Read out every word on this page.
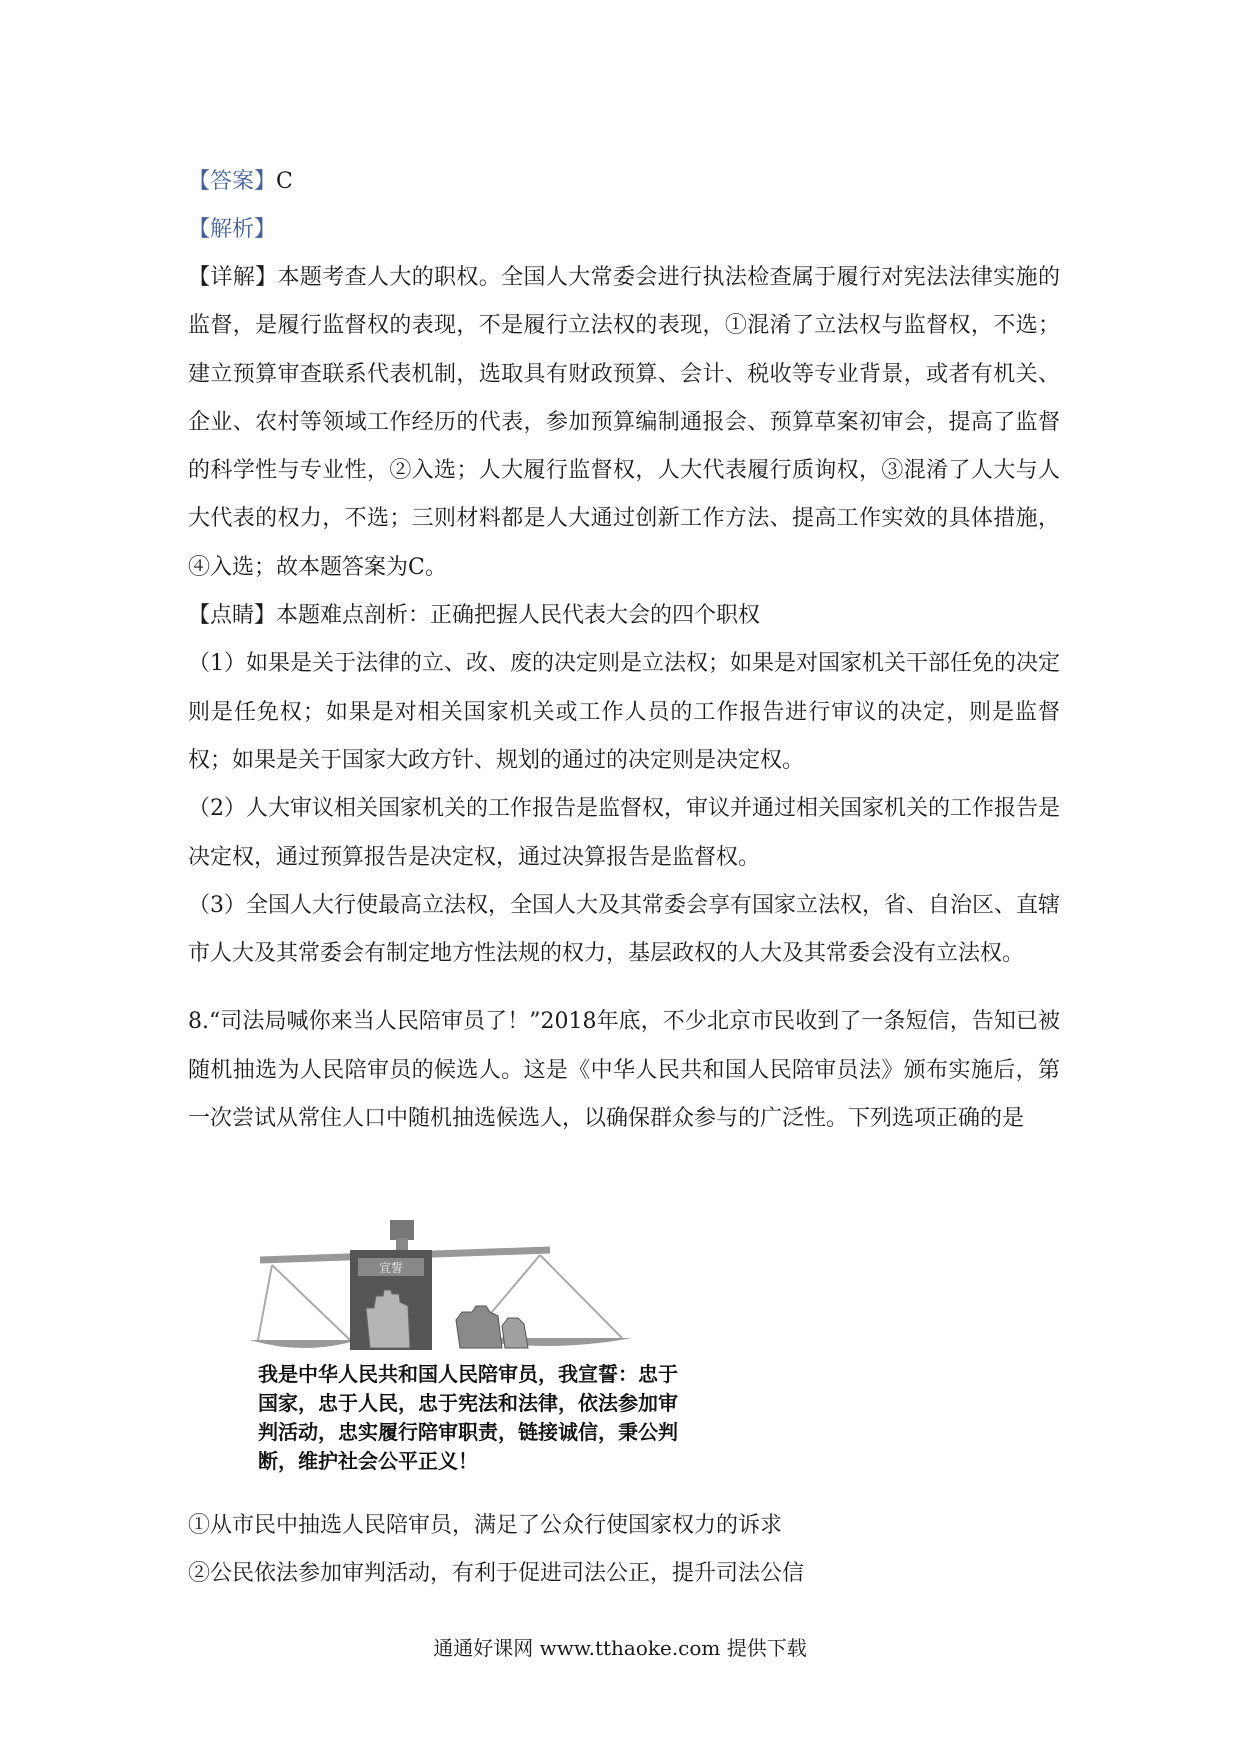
【答案】C
【解析】
【详解】本题考查人大的职权。全国人大常委会进行执法检查属于履行对宪法法律实施的监督，是履行监督权的表现，不是履行立法权的表现，①混淆了立法权与监督权，不选；建立预算审查联系代表机制，选取具有财政预算、会计、税收等专业背景，或者有机关、企业、农村等领域工作经历的代表，参加预算编制通报会、预算草案初审会，提高了监督的科学性与专业性，②入选；人大履行监督权，人大代表履行质询权，③混淆了人大与人大代表的权力，不选；三则材料都是人大通过创新工作方法、提高工作实效的具体措施，④入选；故本题答案为C。
【点睛】本题难点剖析：正确把握人民代表大会的四个职权
（1）如果是关于法律的立、改、废的决定则是立法权；如果是对国家机关干部任免的决定则是任免权；如果是对相关国家机关或工作人员的工作报告进行审议的决定，则是监督权；如果是关于国家大政方针、规划的通过的决定则是决定权。
（2）人大审议相关国家机关的工作报告是监督权，审议并通过相关国家机关的工作报告是决定权，通过预算报告是决定权，通过决算报告是监督权。
（3）全国人大行使最高立法权，全国人大及其常委会享有国家立法权，省、自治区、直辖市人大及其常委会有制定地方性法规的权力，基层政权的人大及其常委会没有立法权。
8.“司法局喊你来当人民陪审员了！”2018年底，不少北京市民收到了一条短信，告知已被随机抽选为人民陪审员的候选人。这是《中华人民共和国人民陪审员法》颁布实施后，第一次尝试从常住人口中随机抽选候选人，以确保群众参与的广泛性。下列选项正确的是
宣誓
我是中华人民共和国人民陪审员，我宣誓：忠于国家，忠于人民，忠于宪法和法律，依法参加审判活动，忠实履行陪审职责，链接诚信，秉公判断，维护社会公平正义！
①从市民中抽选人民陪审员，满足了公众行使国家权力的诉求
②公民依法参加审判活动，有利于促进司法公正，提升司法公信
通通好课网 www.tthaoke.com 提供下载
